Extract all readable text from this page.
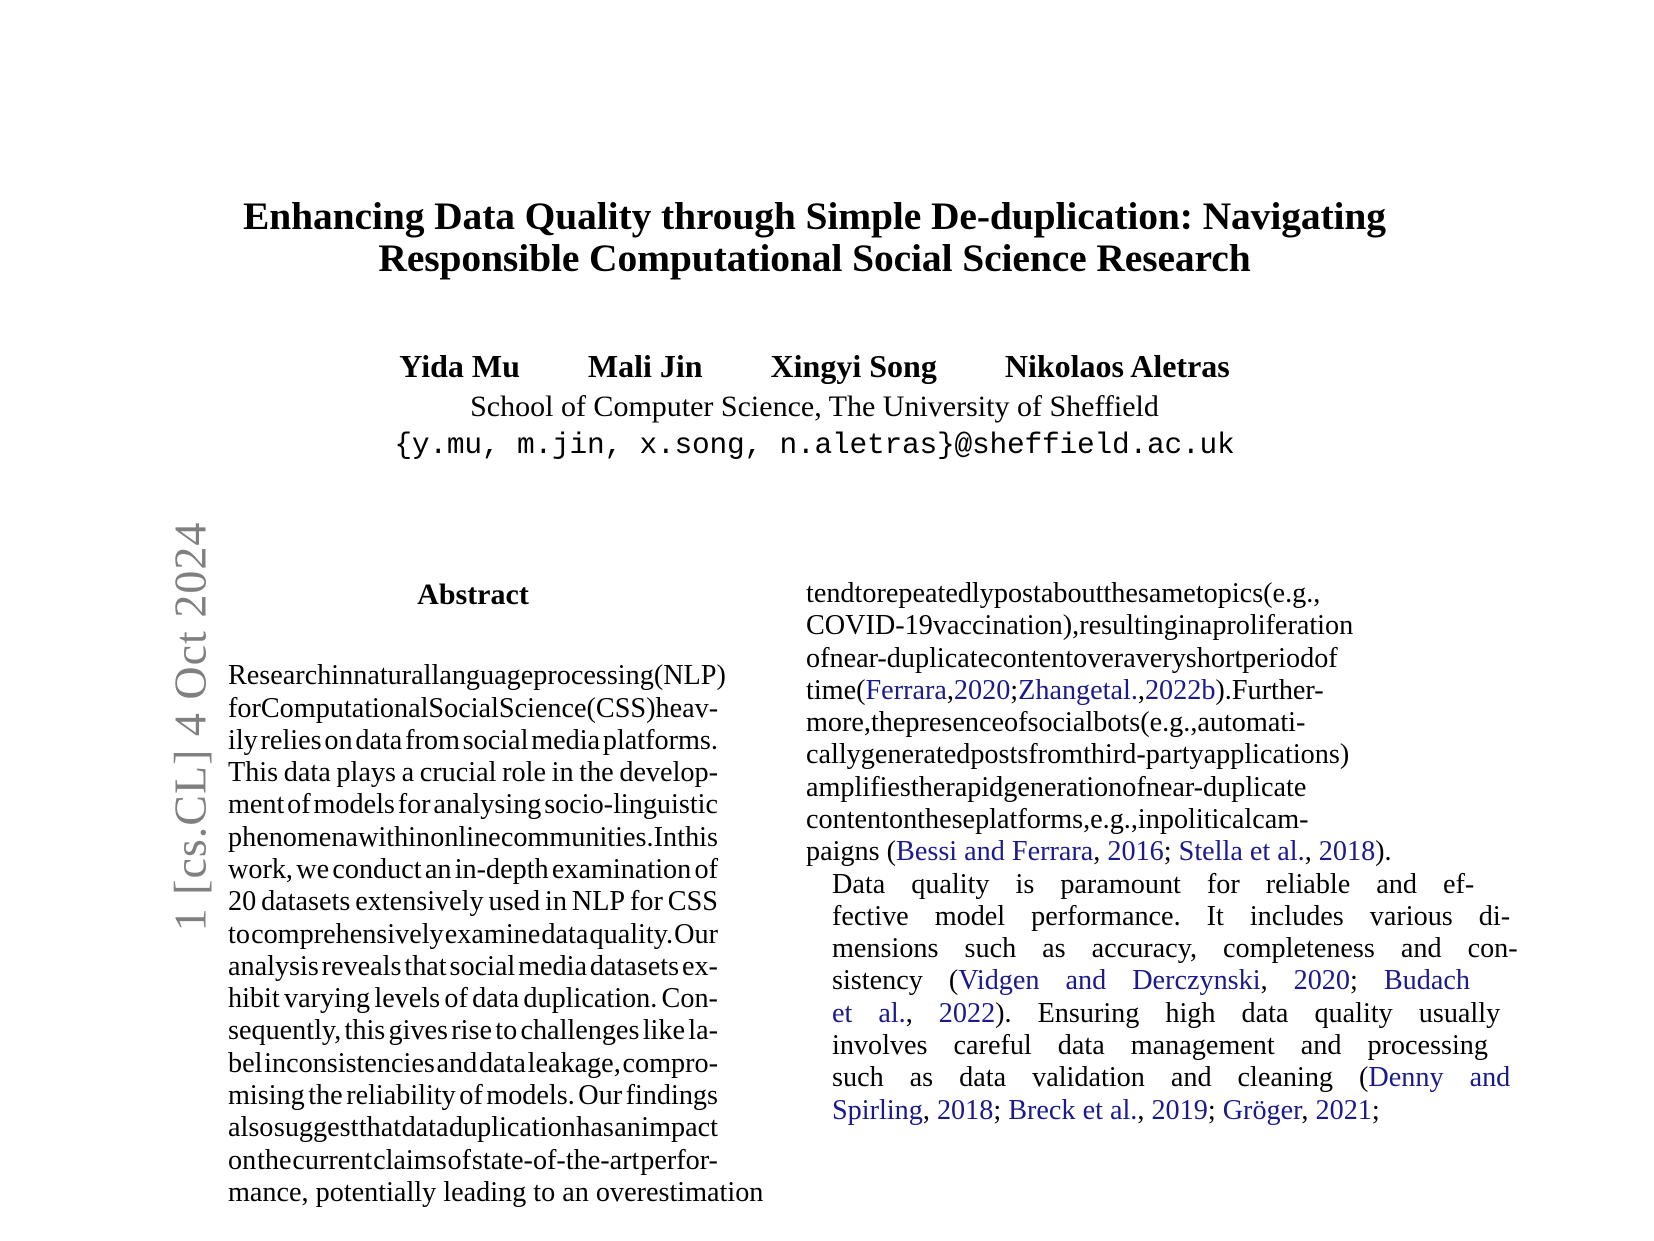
1 [cs.CL] 4 Oct 2024
Enhancing Data Quality through Simple De-duplication: Navigating
Responsible Computational Social Science Research
Yida Mu Mali Jin Xingyi Song Nikolaos Aletras
School of Computer Science, The University of Sheffield
{y.mu, m.jin, x.song, n.aletras}@sheffield.ac.uk
Abstract
Research in natural language processing (NLP)
for Computational Social Science (CSS) heav-
ily relies on data from social media platforms.
This data plays a crucial role in the develop-
ment of models for analysing socio-linguistic
phenomena within online communities. In this
work, we conduct an in-depth examination of
20 datasets extensively used in NLP for CSS
to comprehensively examine data quality. Our
analysis reveals that social media datasets ex-
hibit varying levels of data duplication. Con-
sequently, this gives rise to challenges like la-
bel inconsistencies and data leakage, compro-
mising the reliability of models. Our findings
also suggest that data duplication has an impact
on the current claims of state-of-the-art perfor-
mance, potentially leading to an overestimation
tend to repeatedly post about the same topics (e.g.,
COVID-19 vaccination), resulting in a proliferation
of near-duplicate content over a very short period of
time (Ferrara, 2020; Zhang et al., 2022b). Further-
more, the presence of social bots (e.g., automati-
cally generated posts from third-party applications)
amplifies the rapid generation of near-duplicate
content on these platforms, e.g., in political cam-
paigns (Bessi and Ferrara, 2016; Stella et al., 2018).
Data quality is paramount for reliable and ef-
fective model performance. It includes various di-
mensions such as accuracy, completeness and con-
sistency (Vidgen and Derczynski, 2020; Budach
et al., 2022). Ensuring high data quality usually
involves careful data management and processing
such as data validation and cleaning (Denny and
Spirling, 2018; Breck et al., 2019; Gröger, 2021;
